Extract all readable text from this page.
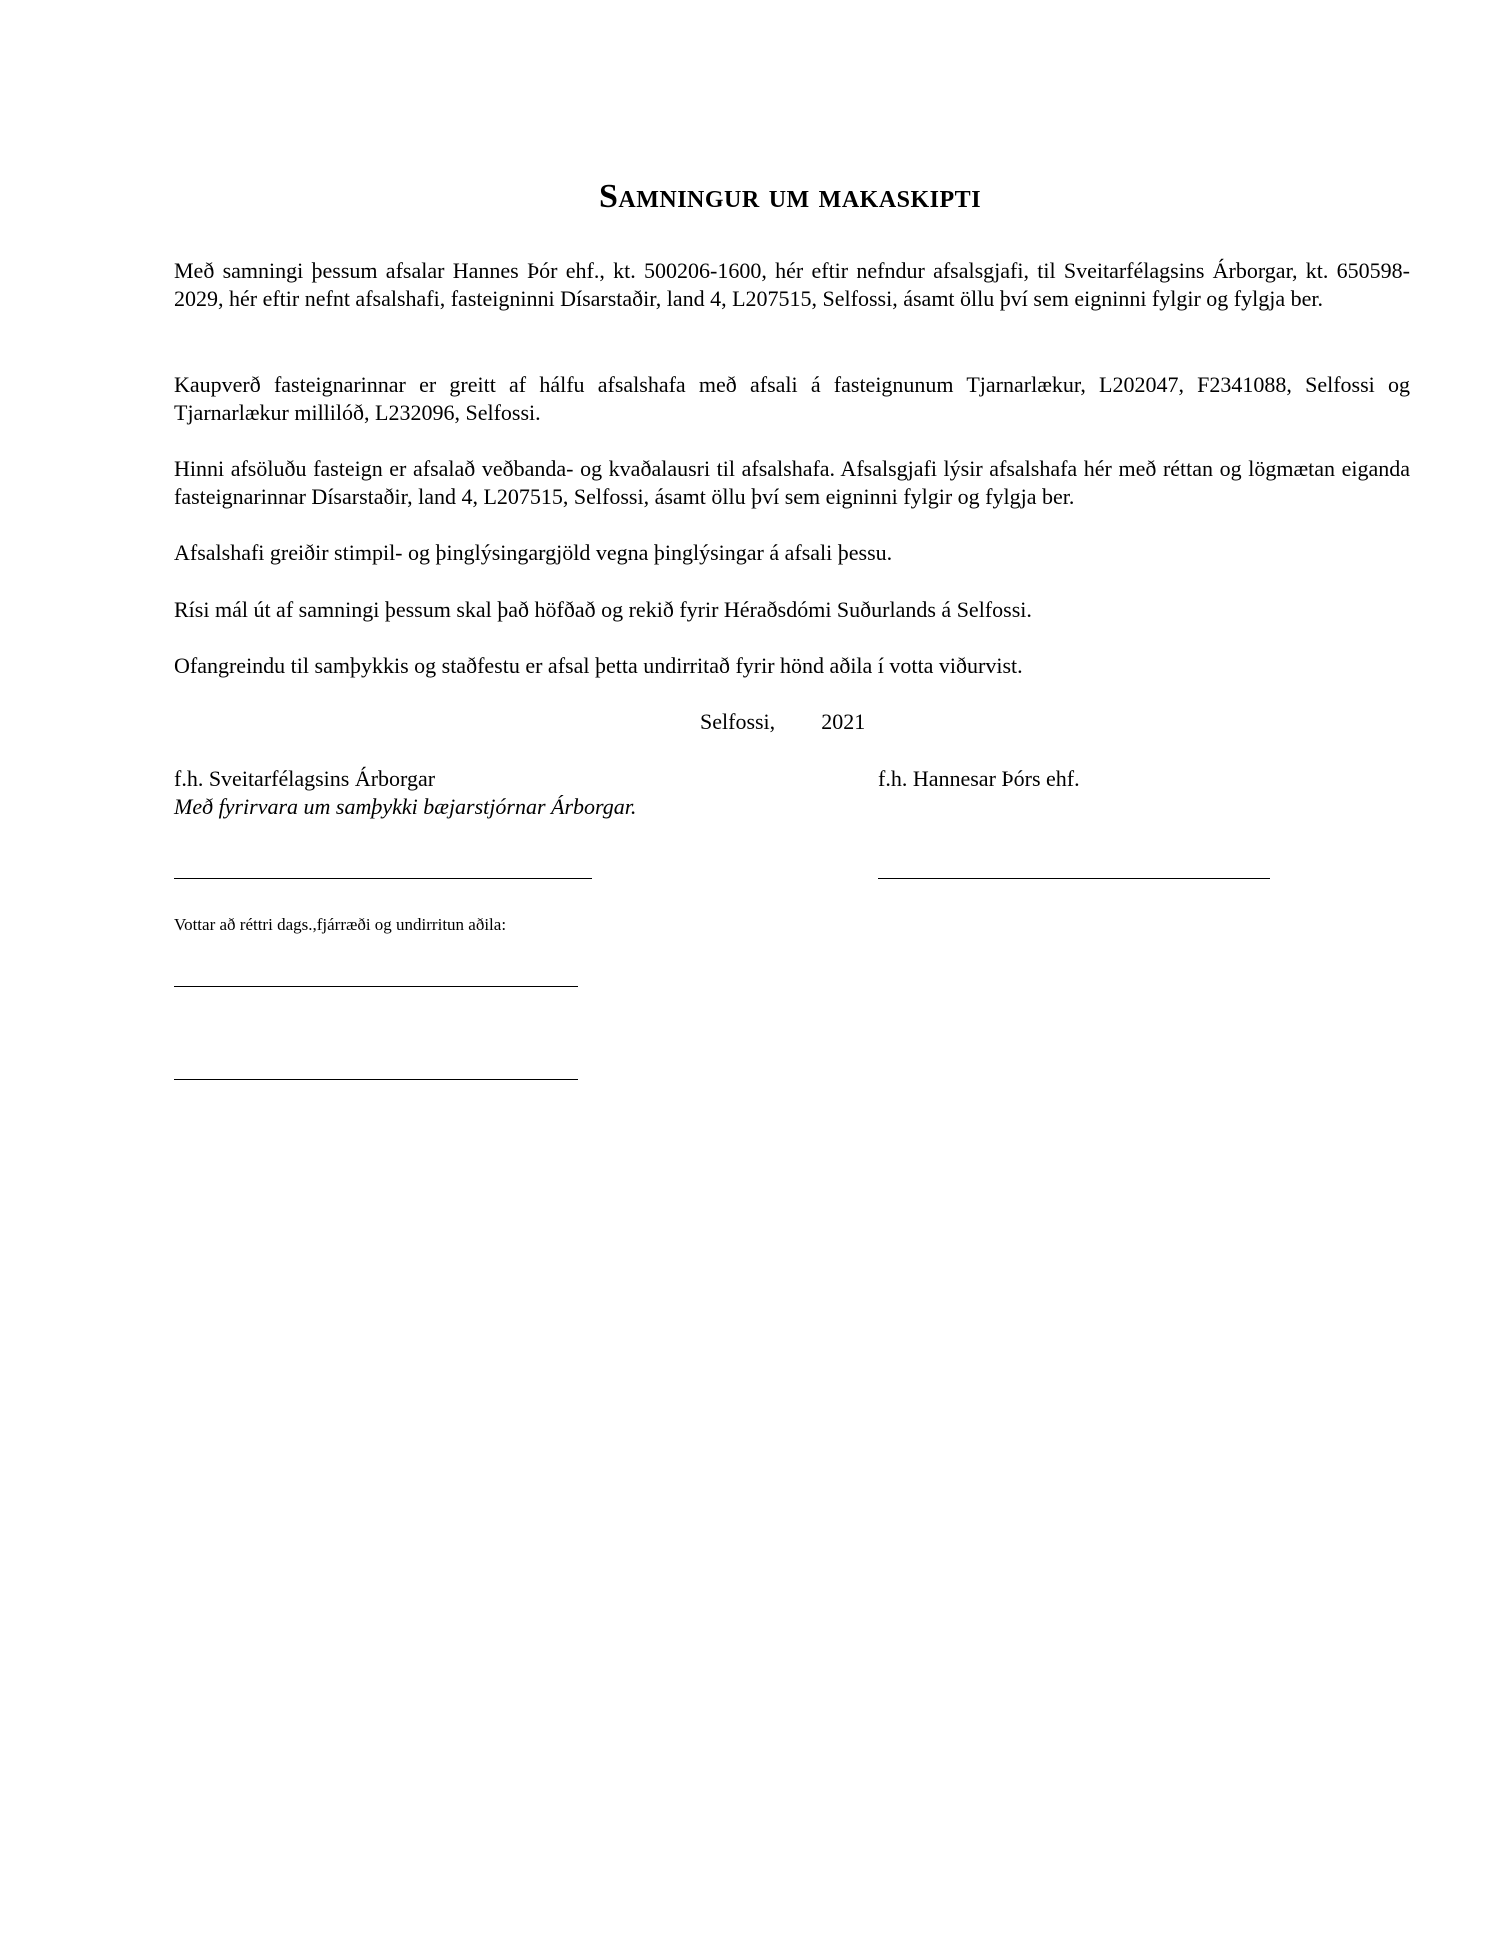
Samningur um makaskipti
Með samningi þessum afsalar Hannes Þór ehf., kt. 500206-1600, hér eftir nefndur afsalsgjafi, til Sveitarfélagsins Árborgar, kt. 650598-2029, hér eftir nefnt afsalshafi, fasteigninni Dísarstaðir, land 4, L207515, Selfossi, ásamt öllu því sem eigninni fylgir og fylgja ber.
Kaupverð fasteignarinnar er greitt af hálfu afsalshafa með afsali á fasteignunum Tjarnarlækur, L202047, F2341088, Selfossi og Tjarnarlækur millilóð, L232096, Selfossi.
Hinni afsöluðu fasteign er afsalað veðbanda- og kvaðalausri til afsalshafa. Afsalsgjafi lýsir afsalshafa hér með réttan og lögmætan eiganda fasteignarinnar Dísarstaðir, land 4, L207515, Selfossi, ásamt öllu því sem eigninni fylgir og fylgja ber.
Afsalshafi greiðir stimpil- og þinglýsingargjöld vegna þinglýsingar á afsali þessu.
Rísi mál út af samningi þessum skal það höfðað og rekið fyrir Héraðsdómi Suðurlands á Selfossi.
Ofangreindu til samþykkis og staðfestu er afsal þetta undirritað fyrir hönd aðila í votta viðurvist.
Selfossi, 2021
f.h. Sveitarfélagsins Árborgar
Með fyrirvara um samþykki bæjarstjórnar Árborgar.
f.h. Hannesar Þórs ehf.
Vottar að réttri dags.,fjárræði og undirritun aðila:
